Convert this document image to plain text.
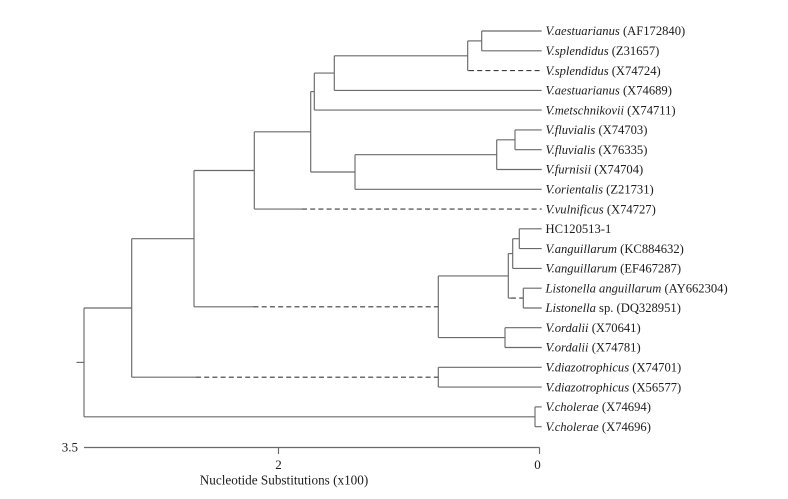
V.aestuarianus (AF172840)
V.splendidus (Z31657)
V.splendidus (X74724)
V.aestuarianus (X74689)
V.metschnikovii (X74711)
V.fluvialis (X74703)
V.fluvialis (X76335)
V.furnisii (X74704)
V.orientalis (Z21731)
V.vulnificus (X74727)
HC120513-1
V.anguillarum (KC884632)
V.anguillarum (EF467287)
Listonella anguillarum (AY662304)
Listonella sp. (DQ328951)
V.ordalii (X70641)
V.ordalii (X74781)
V.diazotrophicus (X74701)
V.diazotrophicus (X56577)
V.cholerae (X74694)
V.cholerae (X74696)
3.5
2	0
Nucleotide Substitutions (x100)
